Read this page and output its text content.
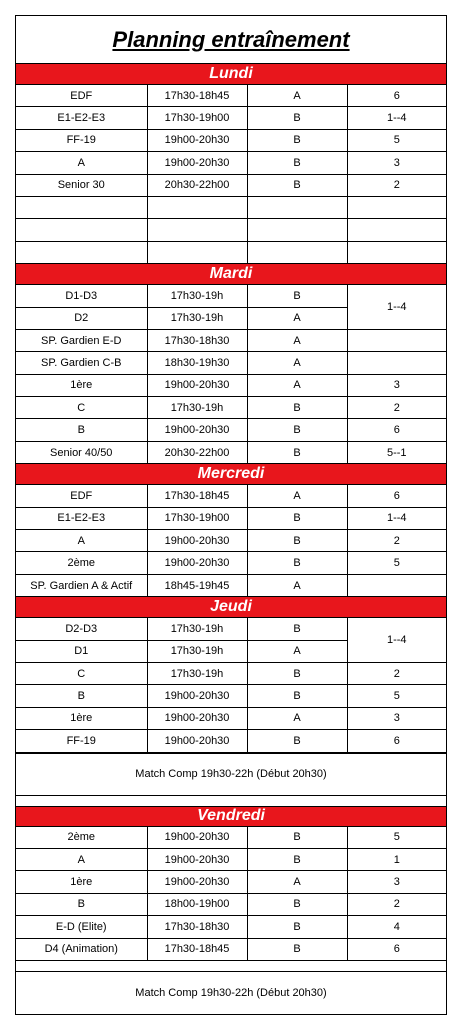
Planning entraînement
Lundi
EDF	17h30-18h45	A	6
E1-E2-E3	17h30-19h00	B	1--4
FF-19	19h00-20h30	B	5
A	19h00-20h30	B	3
Senior 30	20h30-22h00	B	2

Mardi
D1-D3	17h30-19h	B	1--4
D2	17h30-19h	A	
SP. Gardien E-D	17h30-18h30	A	
SP. Gardien C-B	18h30-19h30	A	
1ère	19h00-20h30	A	3
C	17h30-19h	B	2
B	19h00-20h30	B	6
Senior 40/50	20h30-22h00	B	5--1
Mercredi
EDF	17h30-18h45	A	6
E1-E2-E3	17h30-19h00	B	1--4
A	19h00-20h30	B	2
2ème	19h00-20h30	B	5
SP. Gardien A & Actif	18h45-19h45	A	
Jeudi
D2-D3	17h30-19h	B	1--4
D1	17h30-19h	A	
C	17h30-19h	B	2
B	19h00-20h30	B	5
1ère	19h00-20h30	A	3
FF-19	19h00-20h30	B	6
Match Comp 19h30-22h (Début 20h30)
Vendredi
2ème	19h00-20h30	B	5
A	19h00-20h30	B	1
1ère	19h00-20h30	A	3
B	18h00-19h00	B	2
E-D (Elite)	17h30-18h30	B	4
D4 (Animation)	17h30-18h45	B	6
Match Comp 19h30-22h (Début 20h30)
